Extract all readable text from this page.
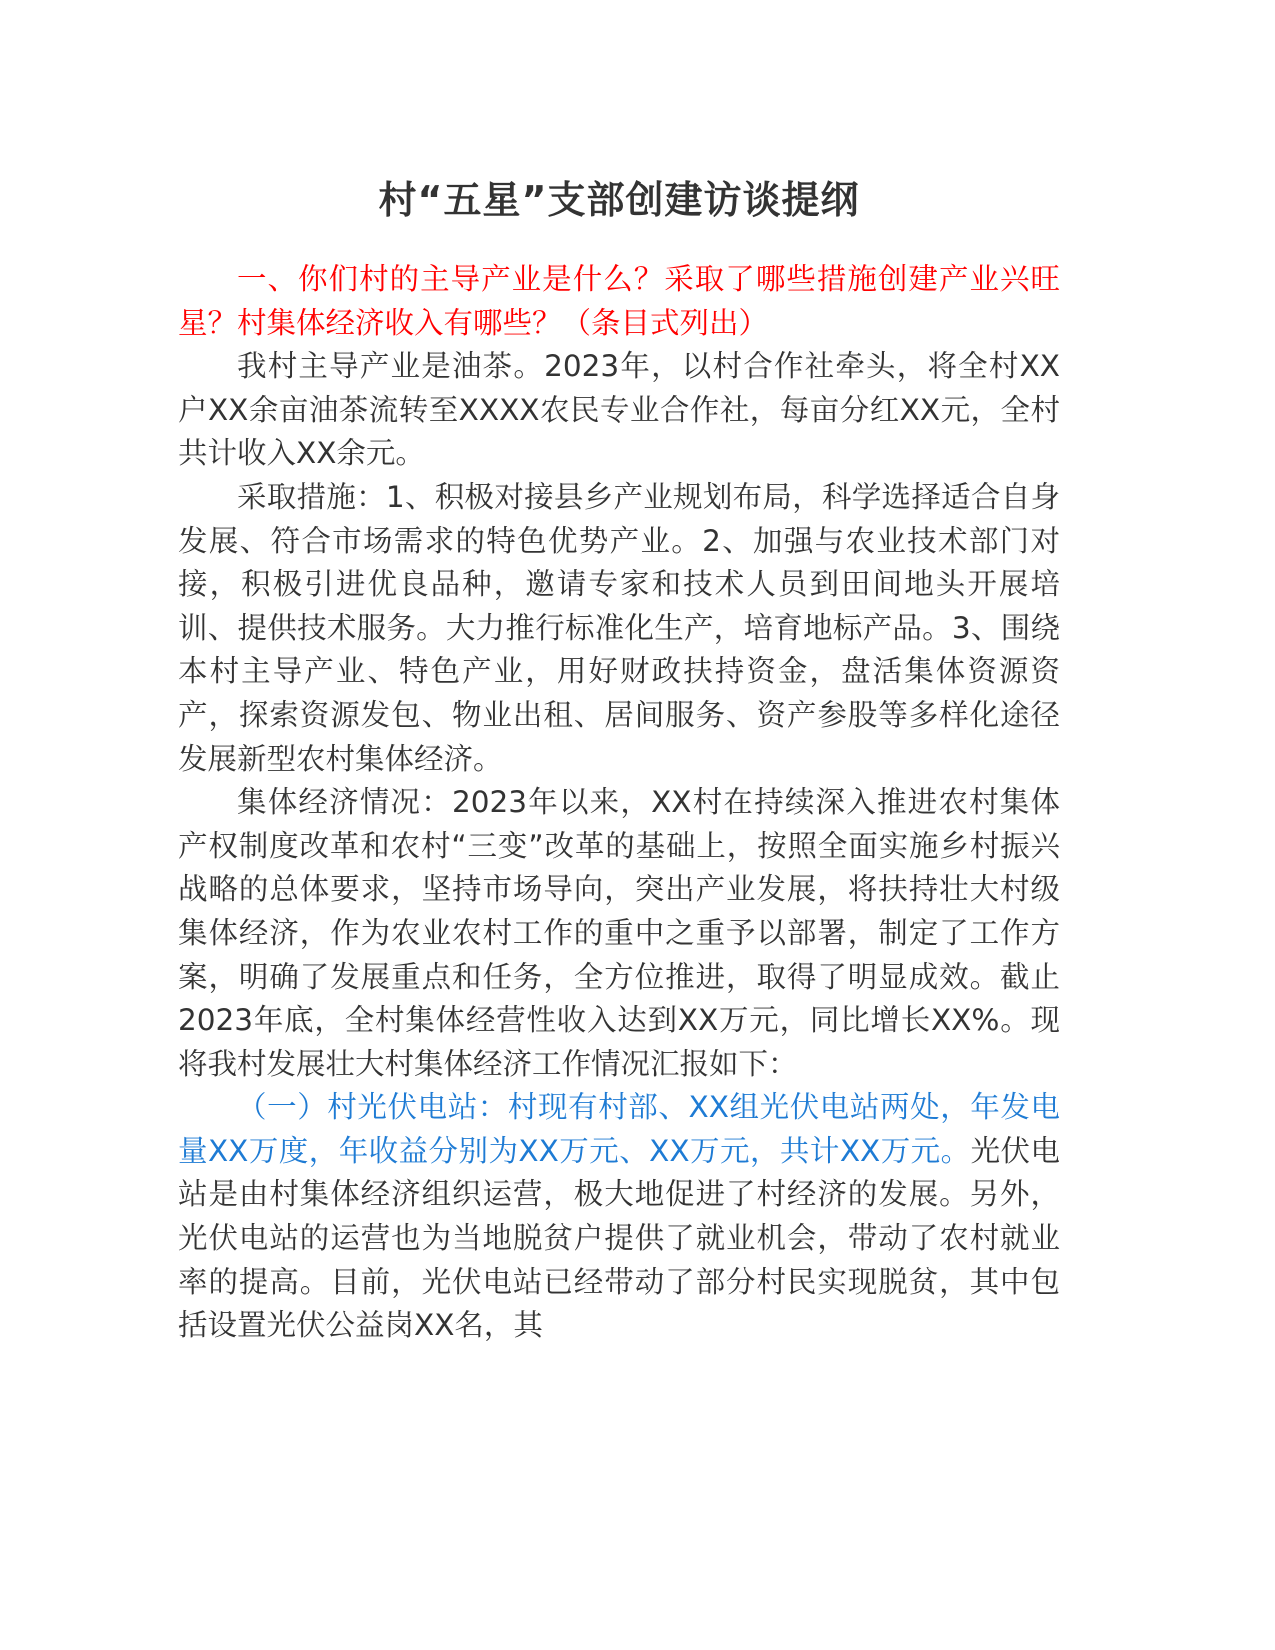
村“五星”支部创建访谈提纲

一、你们村的主导产业是什么？采取了哪些措施创建产业兴旺星？村集体经济收入有哪些？（条目式列出）

我村主导产业是油茶。2023年，以村合作社牵头，将全村XX户XX余亩油茶流转至XXXX农民专业合作社，每亩分红XX元，全村共计收入XX余元。

采取措施：1、积极对接县乡产业规划布局，科学选择适合自身发展、符合市场需求的特色优势产业。2、加强与农业技术部门对接，积极引进优良品种，邀请专家和技术人员到田间地头开展培训、提供技术服务。大力推行标准化生产，培育地标产品。3、围绕本村主导产业、特色产业，用好财政扶持资金，盘活集体资源资产，探索资源发包、物业出租、居间服务、资产参股等多样化途径发展新型农村集体经济。

集体经济情况：2023年以来，XX村在持续深入推进农村集体产权制度改革和农村“三变”改革的基础上，按照全面实施乡村振兴战略的总体要求，坚持市场导向，突出产业发展，将扶持壮大村级集体经济，作为农业农村工作的重中之重予以部署，制定了工作方案，明确了发展重点和任务，全方位推进，取得了明显成效。截止2023年底，全村集体经营性收入达到XX万元，同比增长XX%。现将我村发展壮大村集体经济工作情况汇报如下：

（一）村光伏电站：村现有村部、XX组光伏电站两处，年发电量XX万度，年收益分别为XX万元、XX万元，共计XX万元。光伏电站是由村集体经济组织运营，极大地促进了村经济的发展。另外，光伏电站的运营也为当地脱贫户提供了就业机会，带动了农村就业率的提高。目前，光伏电站已经带动了部分村民实现脱贫，其中包括设置光伏公益岗XX名，其
